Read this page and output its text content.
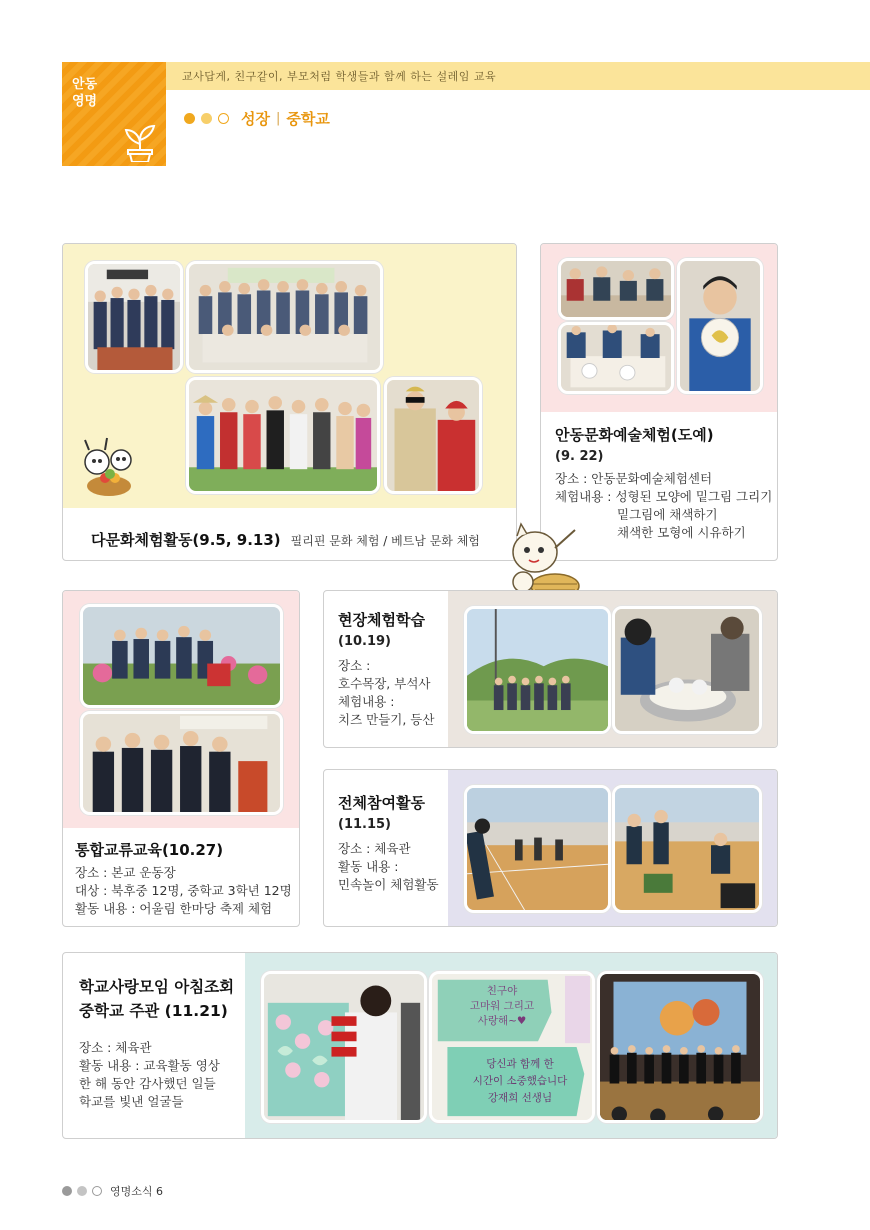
안동
영명
교사답게, 친구같이, 부모처럼 학생들과 함께 하는 설레임 교육
성장 | 중학교
다문화체험활동(9.5, 9.13) 필리핀 문화 체험 / 베트남 문화 체험
안동문화예술체험(도예)
(9. 22)
장소 : 안동문화예술체험센터
체험내용 : 성형된 모양에 밑그림 그리기
밑그림에 채색하기
채색한 모형에 시유하기
통합교류교육(10.27)
장소 : 본교 운동장
대상 : 북후중 12명, 중학교 3학년 12명
활동 내용 : 어울림 한마당 축제 체험
현장체험학습
(10.19)
장소 :
호수목장, 부석사
체험내용 :
치즈 만들기, 등산
전체참여활동
(11.15)
장소 : 체육관
활동 내용 :
민속놀이 체험활동
학교사랑모임 아침조회
중학교 주관 (11.21)
장소 : 체육관
활동 내용 : 교육활동 영상
한 해 동안 감사했던 일들
학교를 빛낸 얼굴들
친구야
고마워 그리고
사랑해~♥
당신과 함께 한
시간이 소중했습니다
강재희 선생님
영명소식 6
